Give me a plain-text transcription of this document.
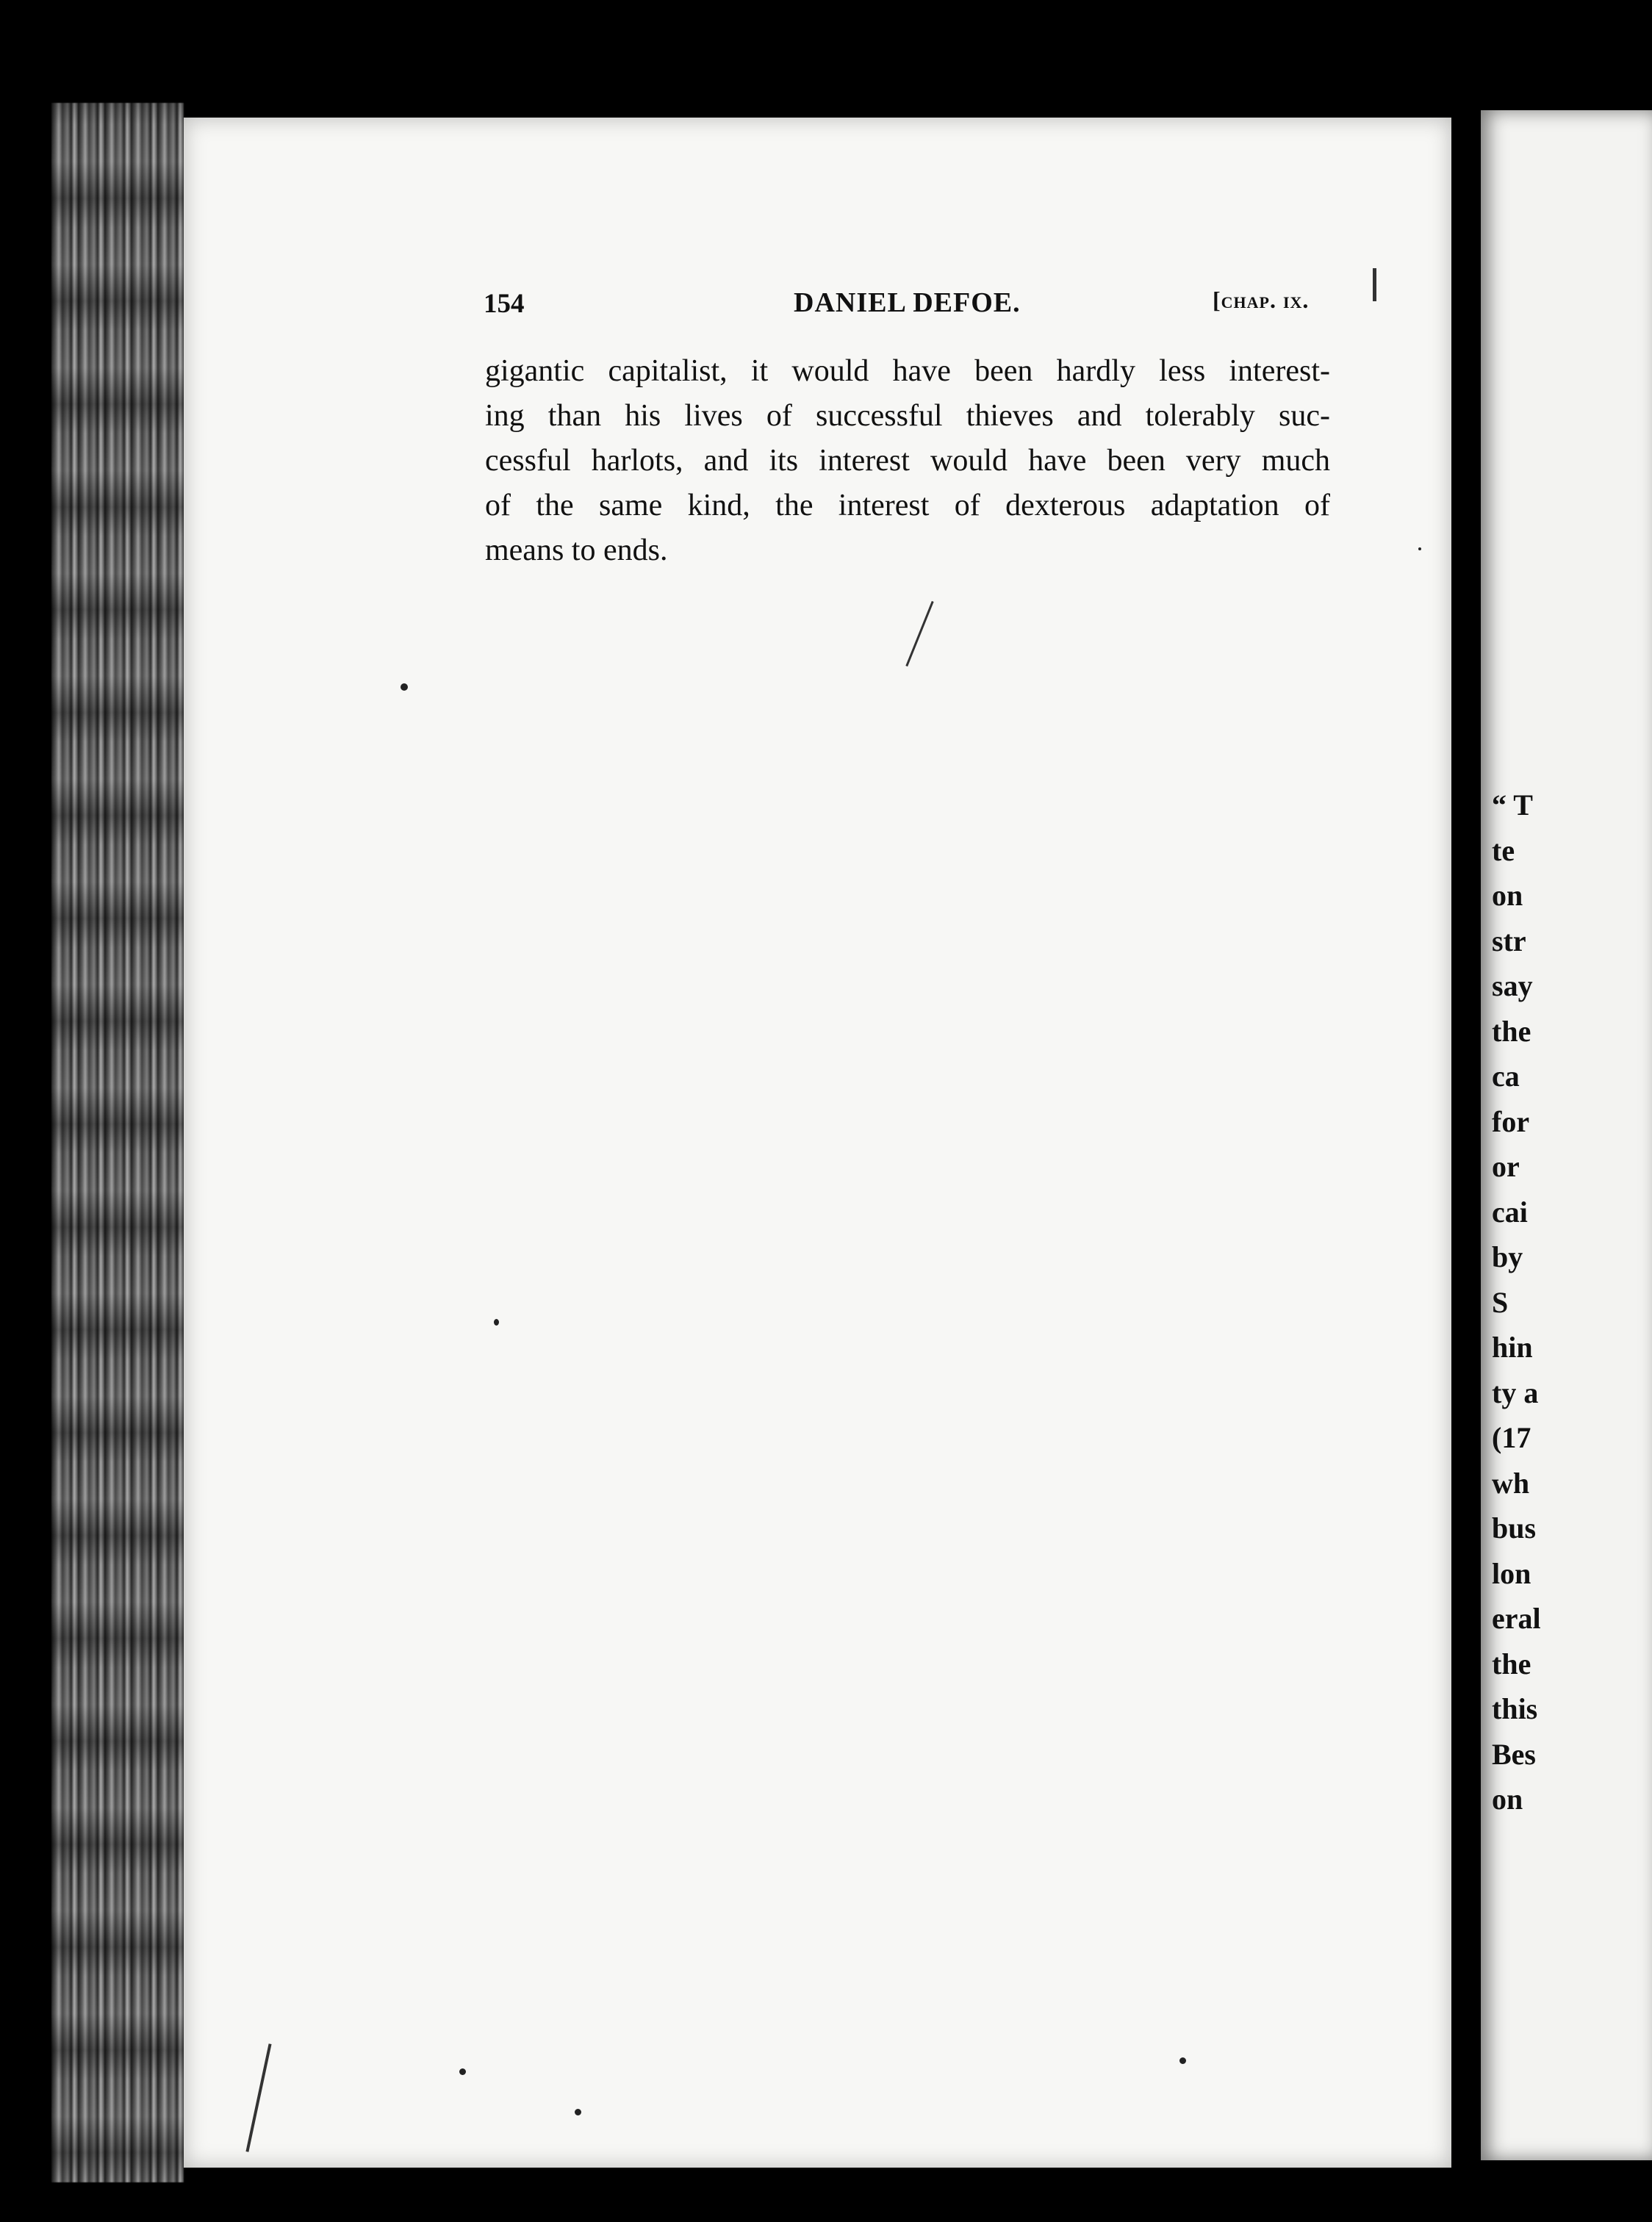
154	DANIEL DEFOE.	[chap. ix.
gigantic capitalist, it would have been hardly less interest-
ing than his lives of successful thieves and tolerably suc-
cessful harlots, and its interest would have been very much
of the same kind, the interest of dexterous adaptation of
means to ends.
“ T
te
on
str
say
the
ca
for
or
cai
by
S
hin
ty a
(17
wh
bus
lon
eral
the
this
Bes
on
